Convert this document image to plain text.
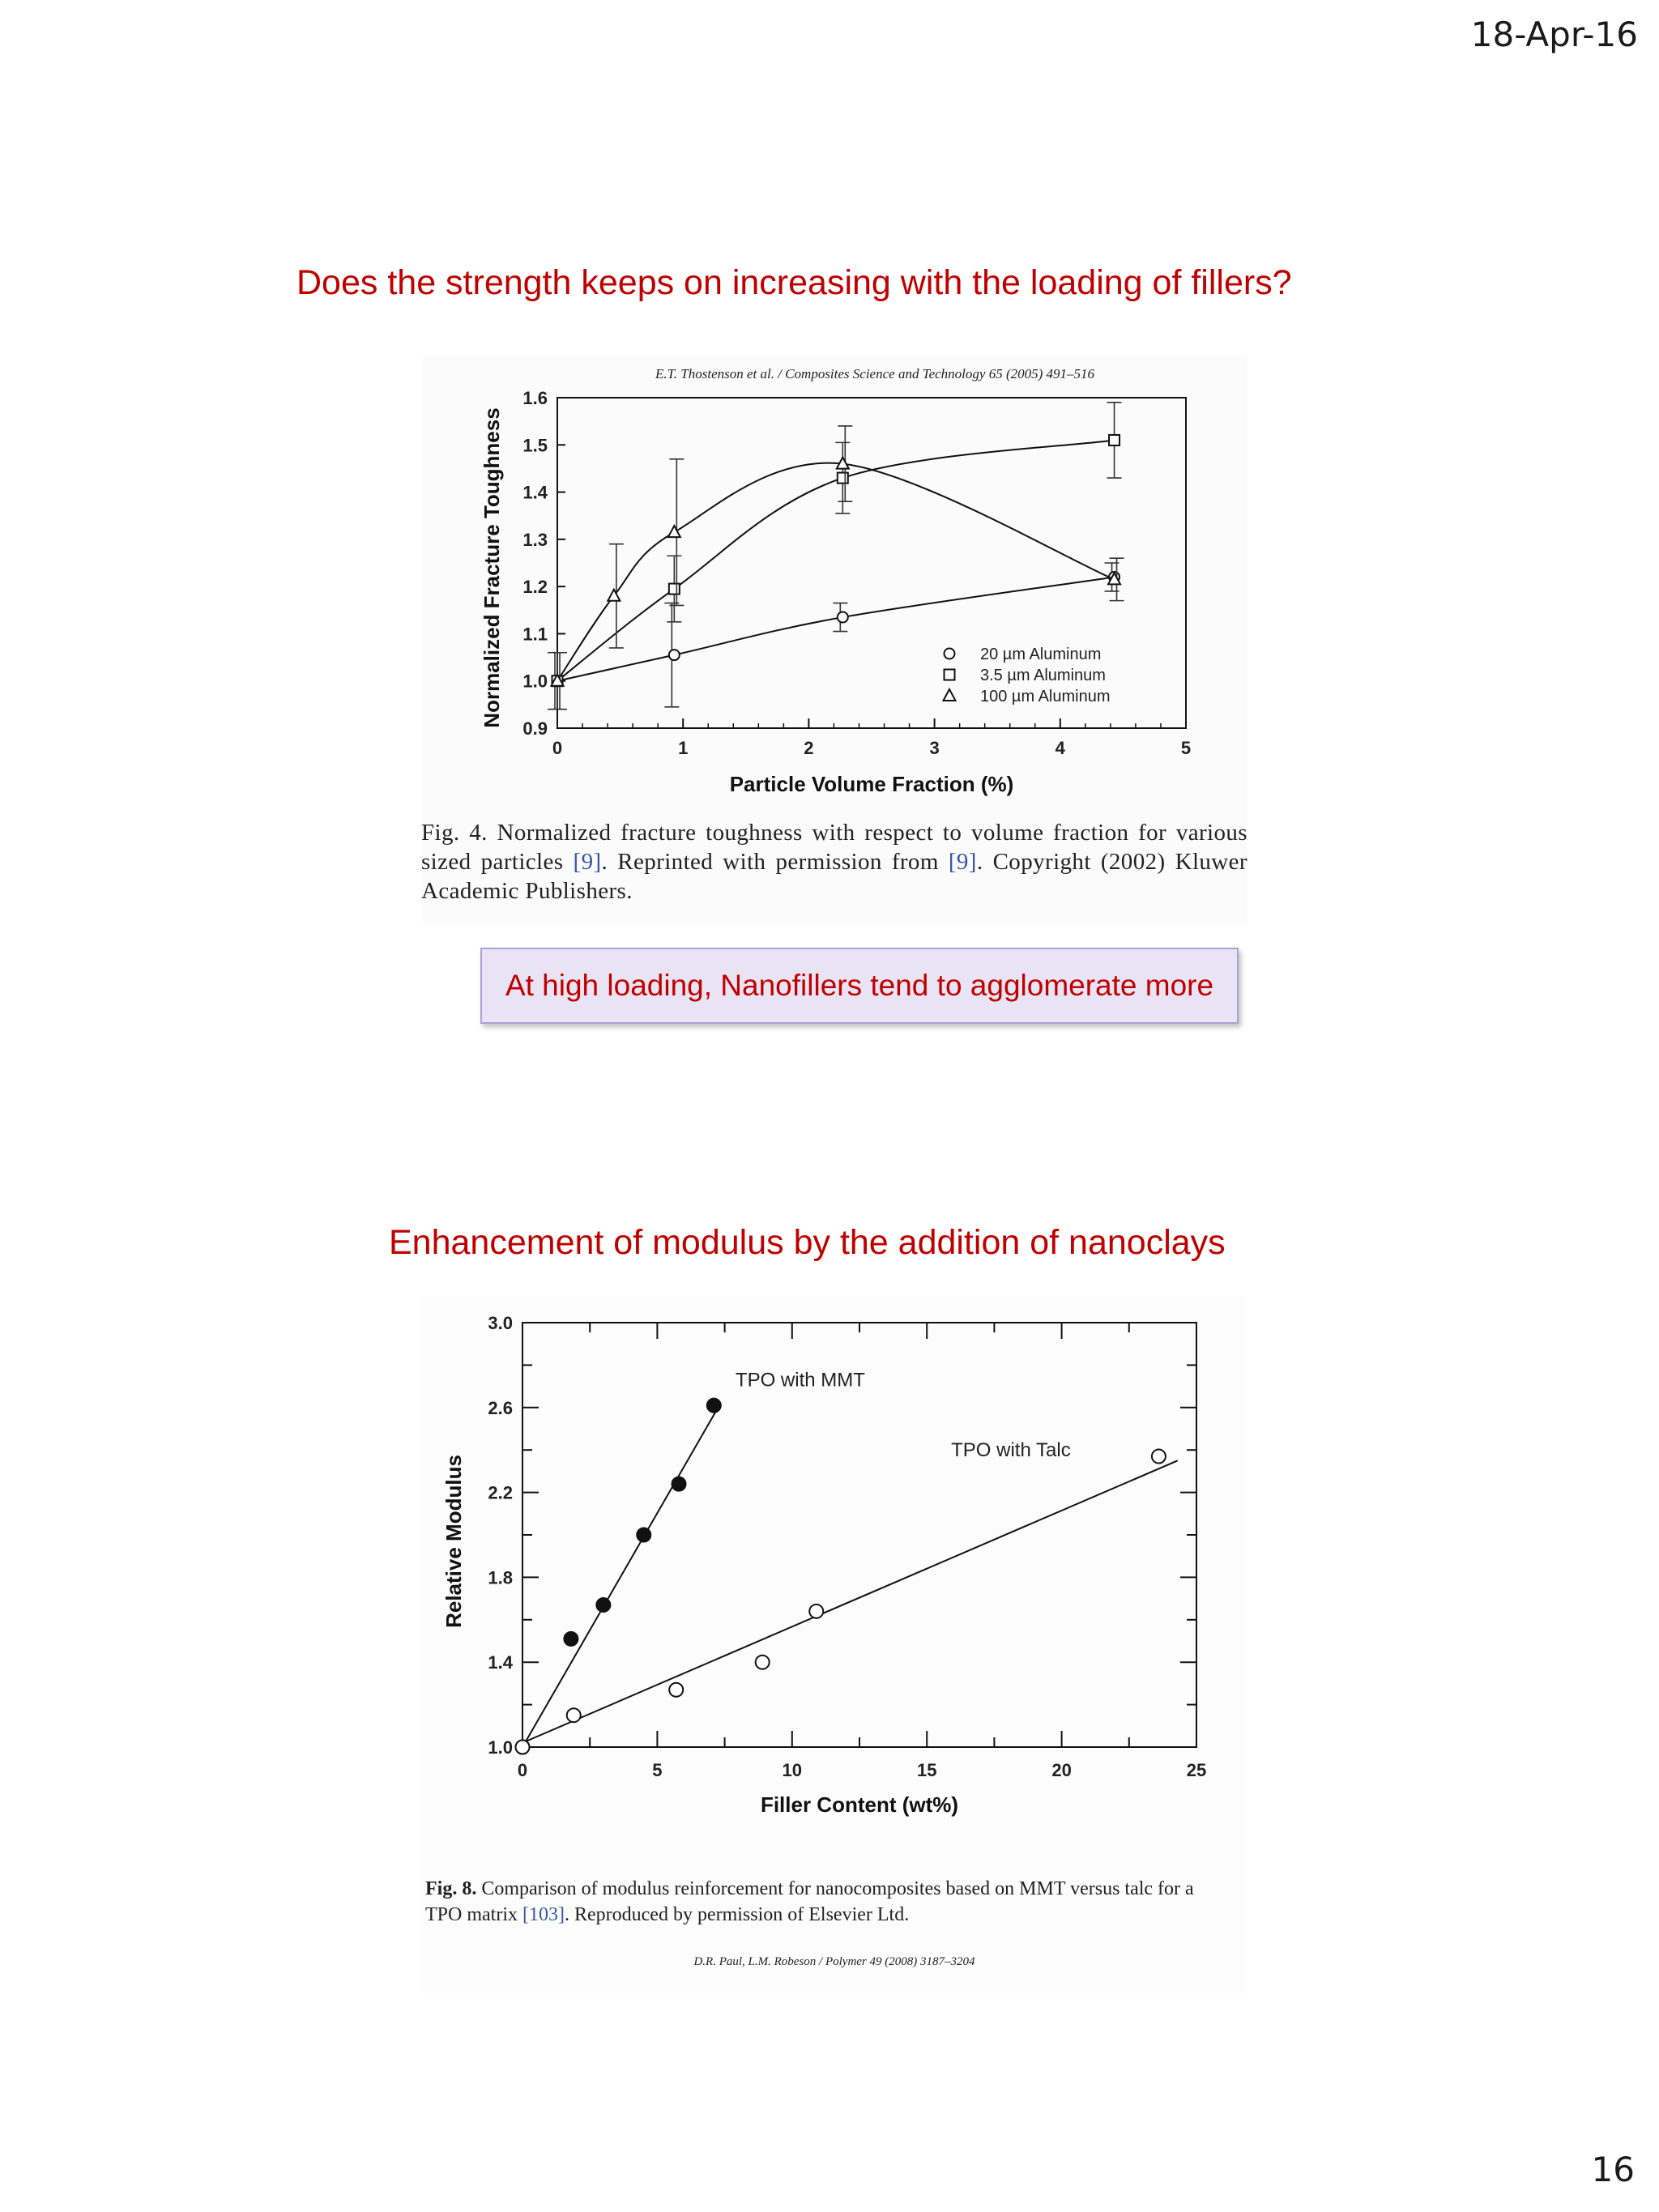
18-Apr-16
Does the strength keeps on increasing with the loading of fillers?
E.T. Thostenson et al. / Composites Science and Technology 65 (2005) 491–516
0.9
1.0
1.1
1.2
1.3
1.4
1.5
1.6
0	1	2	3	4	5
Particle Volume Fraction (%)
Normalized Fracture Toughness	20 µm Aluminum
3.5 µm Aluminum
100 µm Aluminum
Fig. 4. Normalized fracture toughness with respect to volume fraction for various sized particles [9]. Reprinted with permission from [9]. Copyright (2002) Kluwer Academic Publishers.
At high loading, Nanofillers tend to agglomerate more
Enhancement of modulus by the addition of nanoclays
1.0
1.4
1.8
2.2
2.6
3.0
0	5	10	15	20	25
Filler Content (wt%)
Relative Modulus
TPO with MMT
TPO with Talc
Fig. 8. Comparison of modulus reinforcement for nanocomposites based on MMT versus talc for a TPO matrix [103]. Reproduced by permission of Elsevier Ltd.
D.R. Paul, L.M. Robeson / Polymer 49 (2008) 3187–3204
16
